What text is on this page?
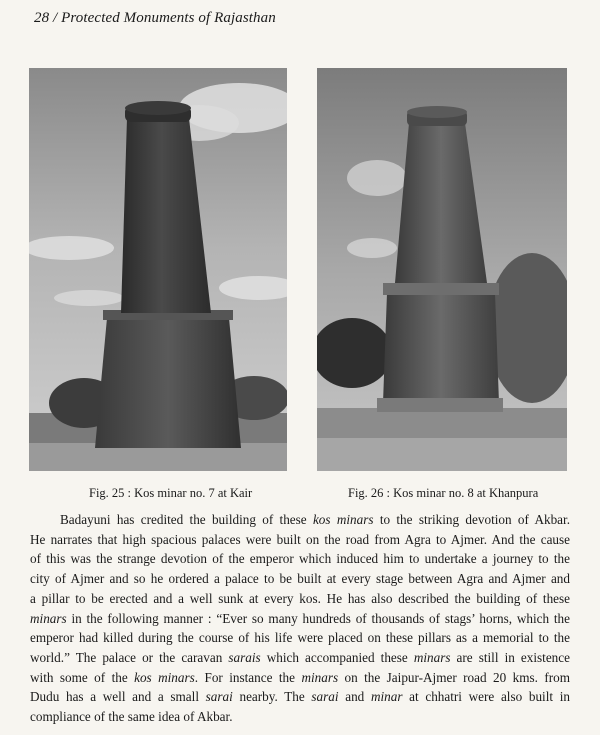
28 / Protected Monuments of Rajasthan
Fig. 25 : Kos minar no. 7 at Kair	Fig. 26 : Kos minar no. 8 at Khanpura
Badayuni has credited the building of these kos minars to the striking devotion of Akbar.
He narrates that high spacious palaces were built on the road from Agra to Ajmer. And the cause
of this was the strange devotion of the emperor which induced him to undertake a journey to the
city of Ajmer and so he ordered a palace to be built at every stage between Agra and Ajmer and
a pillar to be erected and a well sunk at every kos. He has also described the building of these
minars in the following manner : “Ever so many hundreds of thousands of stags’ horns, which the
emperor had killed during the course of his life were placed on these pillars as a memorial to the
world.” The palace or the caravan sarais which accompanied these minars are still in existence
with some of the kos minars. For instance the minars on the Jaipur-Ajmer road 20 kms. from
Dudu has a well and a small sarai nearby. The sarai and minar at chhatri were also built in
compliance of the same idea of Akbar.
